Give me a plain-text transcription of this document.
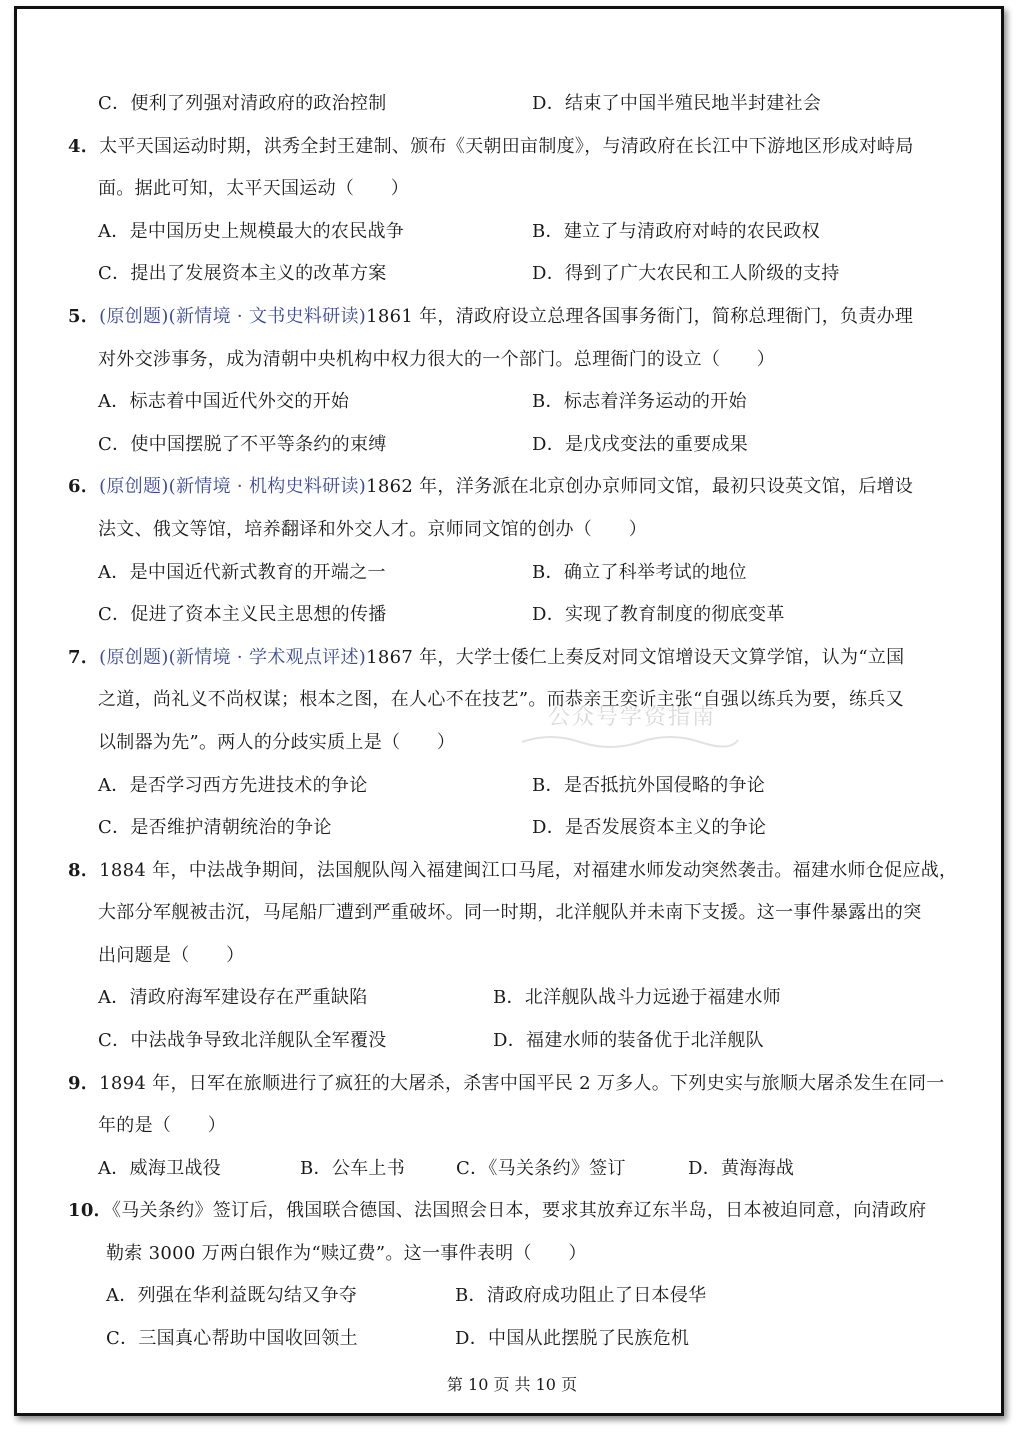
C．便利了列强对清政府的政治控制	D．结束了中国半殖民地半封建社会
4．太平天国运动时期，洪秀全封王建制、颁布《天朝田亩制度》，与清政府在长江中下游地区形成对峙局
面。据此可知，太平天国运动（　　）
A．是中国历史上规模最大的农民战争	B．建立了与清政府对峙的农民政权
C．提出了发展资本主义的改革方案	D．得到了广大农民和工人阶级的支持
5．(原创题)(新情境 · 文书史料研读)1861 年，清政府设立总理各国事务衙门，简称总理衙门，负责办理
对外交涉事务，成为清朝中央机构中权力很大的一个部门。总理衙门的设立（　　）
A．标志着中国近代外交的开始	B．标志着洋务运动的开始
C．使中国摆脱了不平等条约的束缚	D．是戊戌变法的重要成果
6．(原创题)(新情境 · 机构史料研读)1862 年，洋务派在北京创办京师同文馆，最初只设英文馆，后增设
法文、俄文等馆，培养翻译和外交人才。京师同文馆的创办（　　）
A．是中国近代新式教育的开端之一	B．确立了科举考试的地位
C．促进了资本主义民主思想的传播	D．实现了教育制度的彻底变革
7．(原创题)(新情境 · 学术观点评述)1867 年，大学士倭仁上奏反对同文馆增设天文算学馆，认为“立国
之道，尚礼义不尚权谋；根本之图，在人心不在技艺”。而恭亲王奕䜣主张“自强以练兵为要，练兵又
以制器为先”。两人的分歧实质上是（　　）
A．是否学习西方先进技术的争论	B．是否抵抗外国侵略的争论
C．是否维护清朝统治的争论	D．是否发展资本主义的争论
公众号学资指南
8．1884 年，中法战争期间，法国舰队闯入福建闽江口马尾，对福建水师发动突然袭击。福建水师仓促应战，
大部分军舰被击沉，马尾船厂遭到严重破坏。同一时期，北洋舰队并未南下支援。这一事件暴露出的突
出问题是（　　）
A．清政府海军建设存在严重缺陷	B．北洋舰队战斗力远逊于福建水师
C．中法战争导致北洋舰队全军覆没	D．福建水师的装备优于北洋舰队
9．1894 年，日军在旅顺进行了疯狂的大屠杀，杀害中国平民 2 万多人。下列史实与旅顺大屠杀发生在同一
年的是（　　）
A．威海卫战役	B．公车上书	C．《马关条约》签订	D．黄海海战
10．《马关条约》签订后，俄国联合德国、法国照会日本，要求其放弃辽东半岛，日本被迫同意，向清政府
勒索 3000 万两白银作为“赎辽费”。这一事件表明（　　）
A．列强在华利益既勾结又争夺	B．清政府成功阻止了日本侵华
C．三国真心帮助中国收回领土	D．中国从此摆脱了民族危机
第 10 页 共 10 页
